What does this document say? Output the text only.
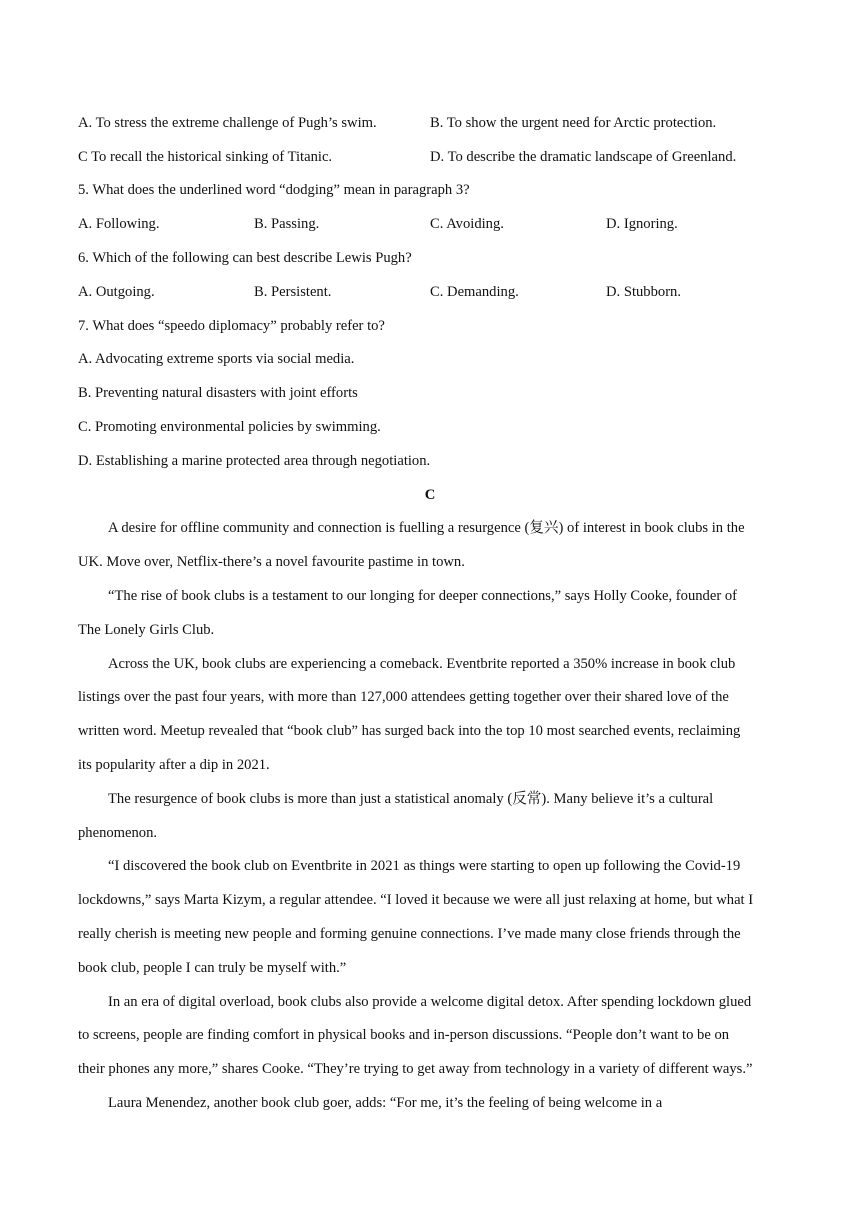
A. To stress the extreme challenge of Pugh’s swim.	B. To show the urgent need for Arctic protection.
C To recall the historical sinking of Titanic.	D. To describe the dramatic landscape of Greenland.
5. What does the underlined word “dodging” mean in paragraph 3?
A. Following.	B. Passing.	C. Avoiding.	D. Ignoring.
6. Which of the following can best describe Lewis Pugh?
A. Outgoing.	B. Persistent.	C. Demanding.	D. Stubborn.
7. What does “speedo diplomacy” probably refer to?
A. Advocating extreme sports via social media.
B. Preventing natural disasters with joint efforts
C. Promoting environmental policies by swimming.
D. Establishing a marine protected area through negotiation.
C
A desire for offline community and connection is fuelling a resurgence (复兴) of interest in book clubs in the
UK. Move over, Netflix-there’s a novel favourite pastime in town.
“The rise of book clubs is a testament to our longing for deeper connections,” says Holly Cooke, founder of
The Lonely Girls Club.
Across the UK, book clubs are experiencing a comeback. Eventbrite reported a 350% increase in book club
listings over the past four years, with more than 127,000 attendees getting together over their shared love of the
written word. Meetup revealed that “book club” has surged back into the top 10 most searched events, reclaiming
its popularity after a dip in 2021.
The resurgence of book clubs is more than just a statistical anomaly (反常). Many believe it’s a cultural
phenomenon.
“I discovered the book club on Eventbrite in 2021 as things were starting to open up following the Covid-19
lockdowns,” says Marta Kizym, a regular attendee. “I loved it because we were all just relaxing at home, but what I
really cherish is meeting new people and forming genuine connections. I’ve made many close friends through the
book club, people I can truly be myself with.”
In an era of digital overload, book clubs also provide a welcome digital detox. After spending lockdown glued
to screens, people are finding comfort in physical books and in-person discussions. “People don’t want to be on
their phones any more,” shares Cooke. “They’re trying to get away from technology in a variety of different ways.”
Laura Menendez, another book club goer, adds: “For me, it’s the feeling of being welcome in a
